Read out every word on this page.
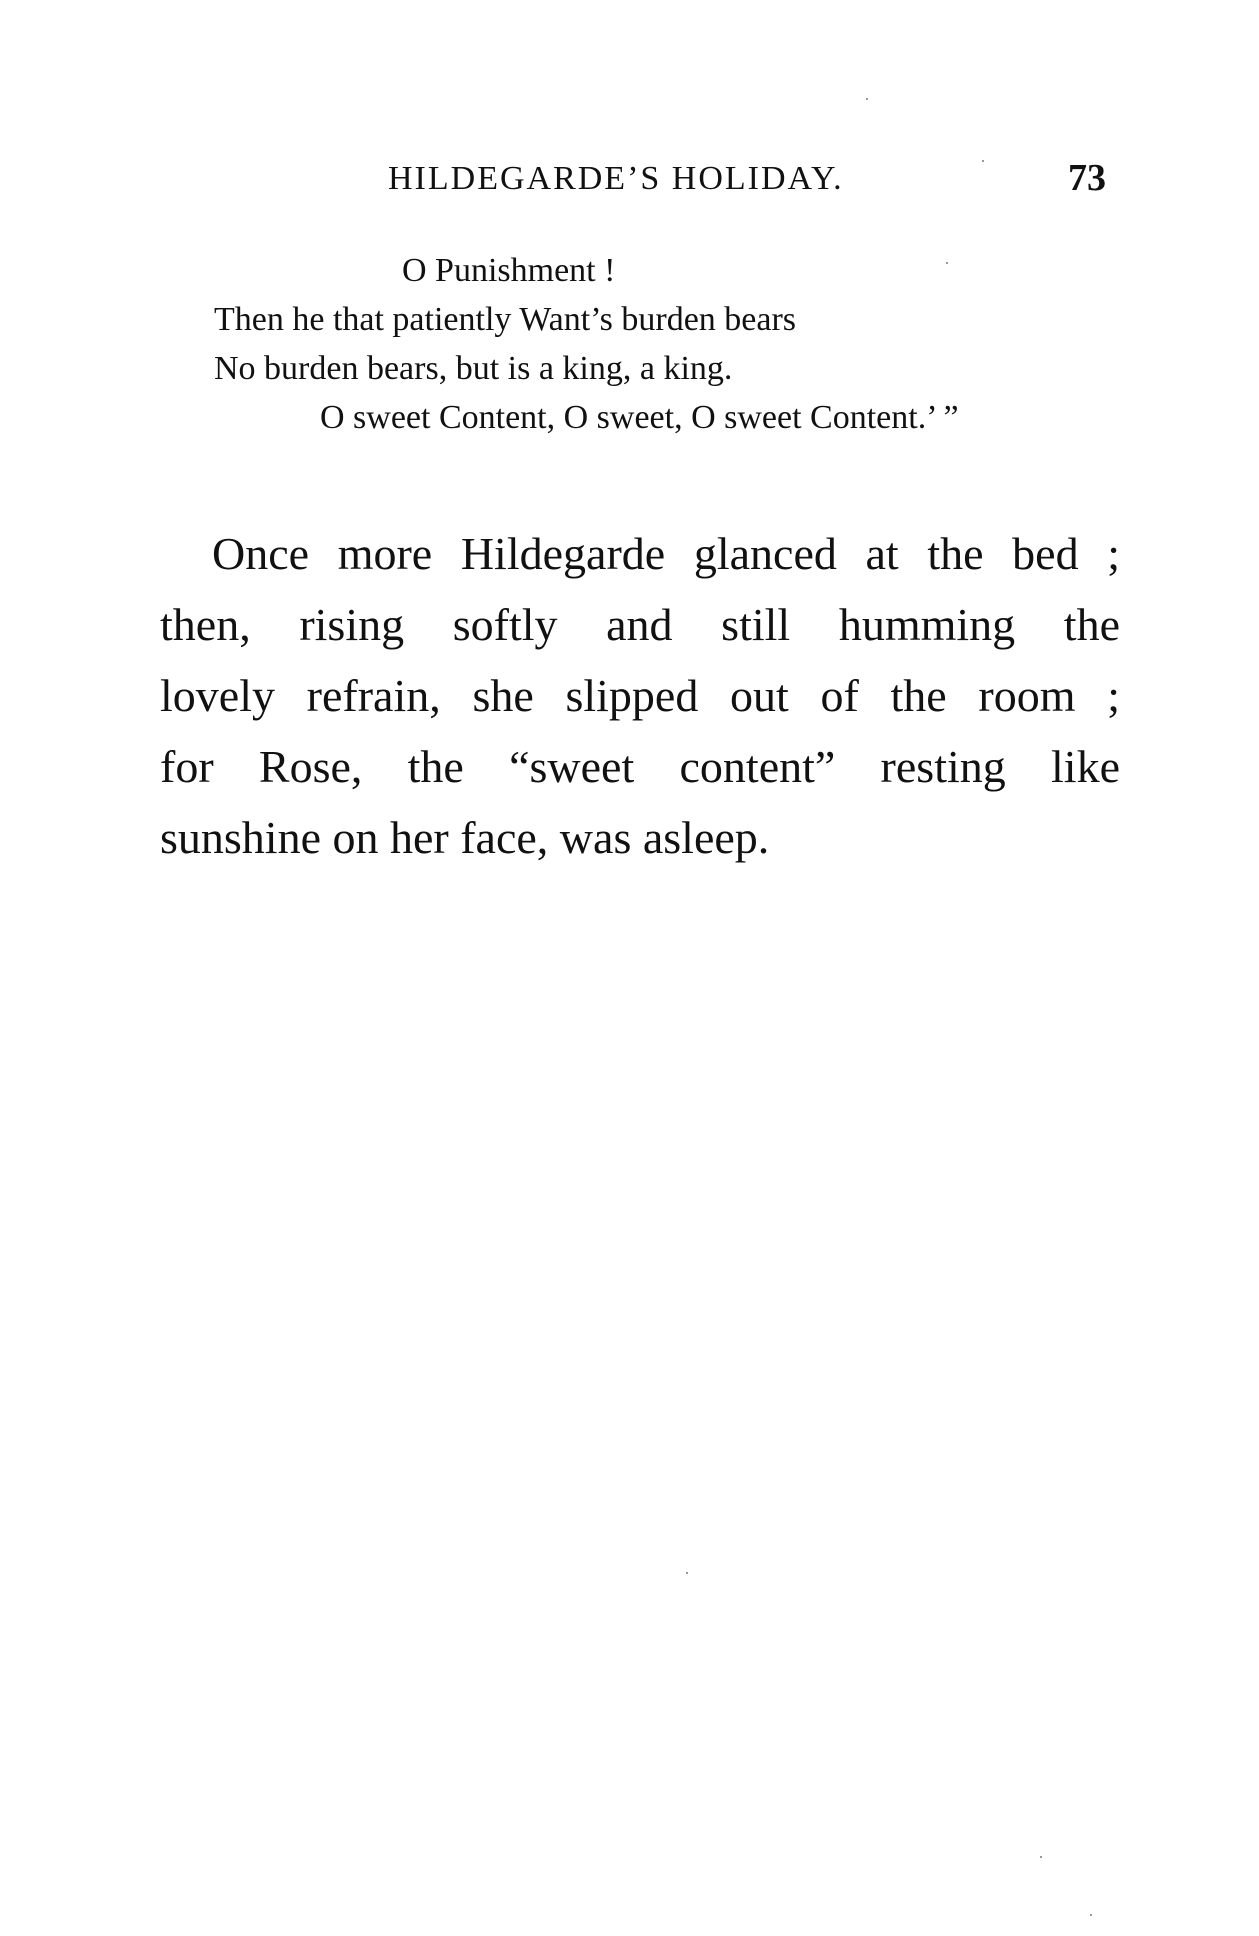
HILDEGARDE’S HOLIDAY.	73
O Punishment !
Then he that patiently Want’s burden bears
No burden bears, but is a king, a king.
O sweet Content, O sweet, O sweet Content.’ ”
Once more Hildegarde glanced at the bed ;
then, rising softly and still humming the
lovely refrain, she slipped out of the room ;
for Rose, the “sweet content” resting like
sunshine on her face, was asleep.
